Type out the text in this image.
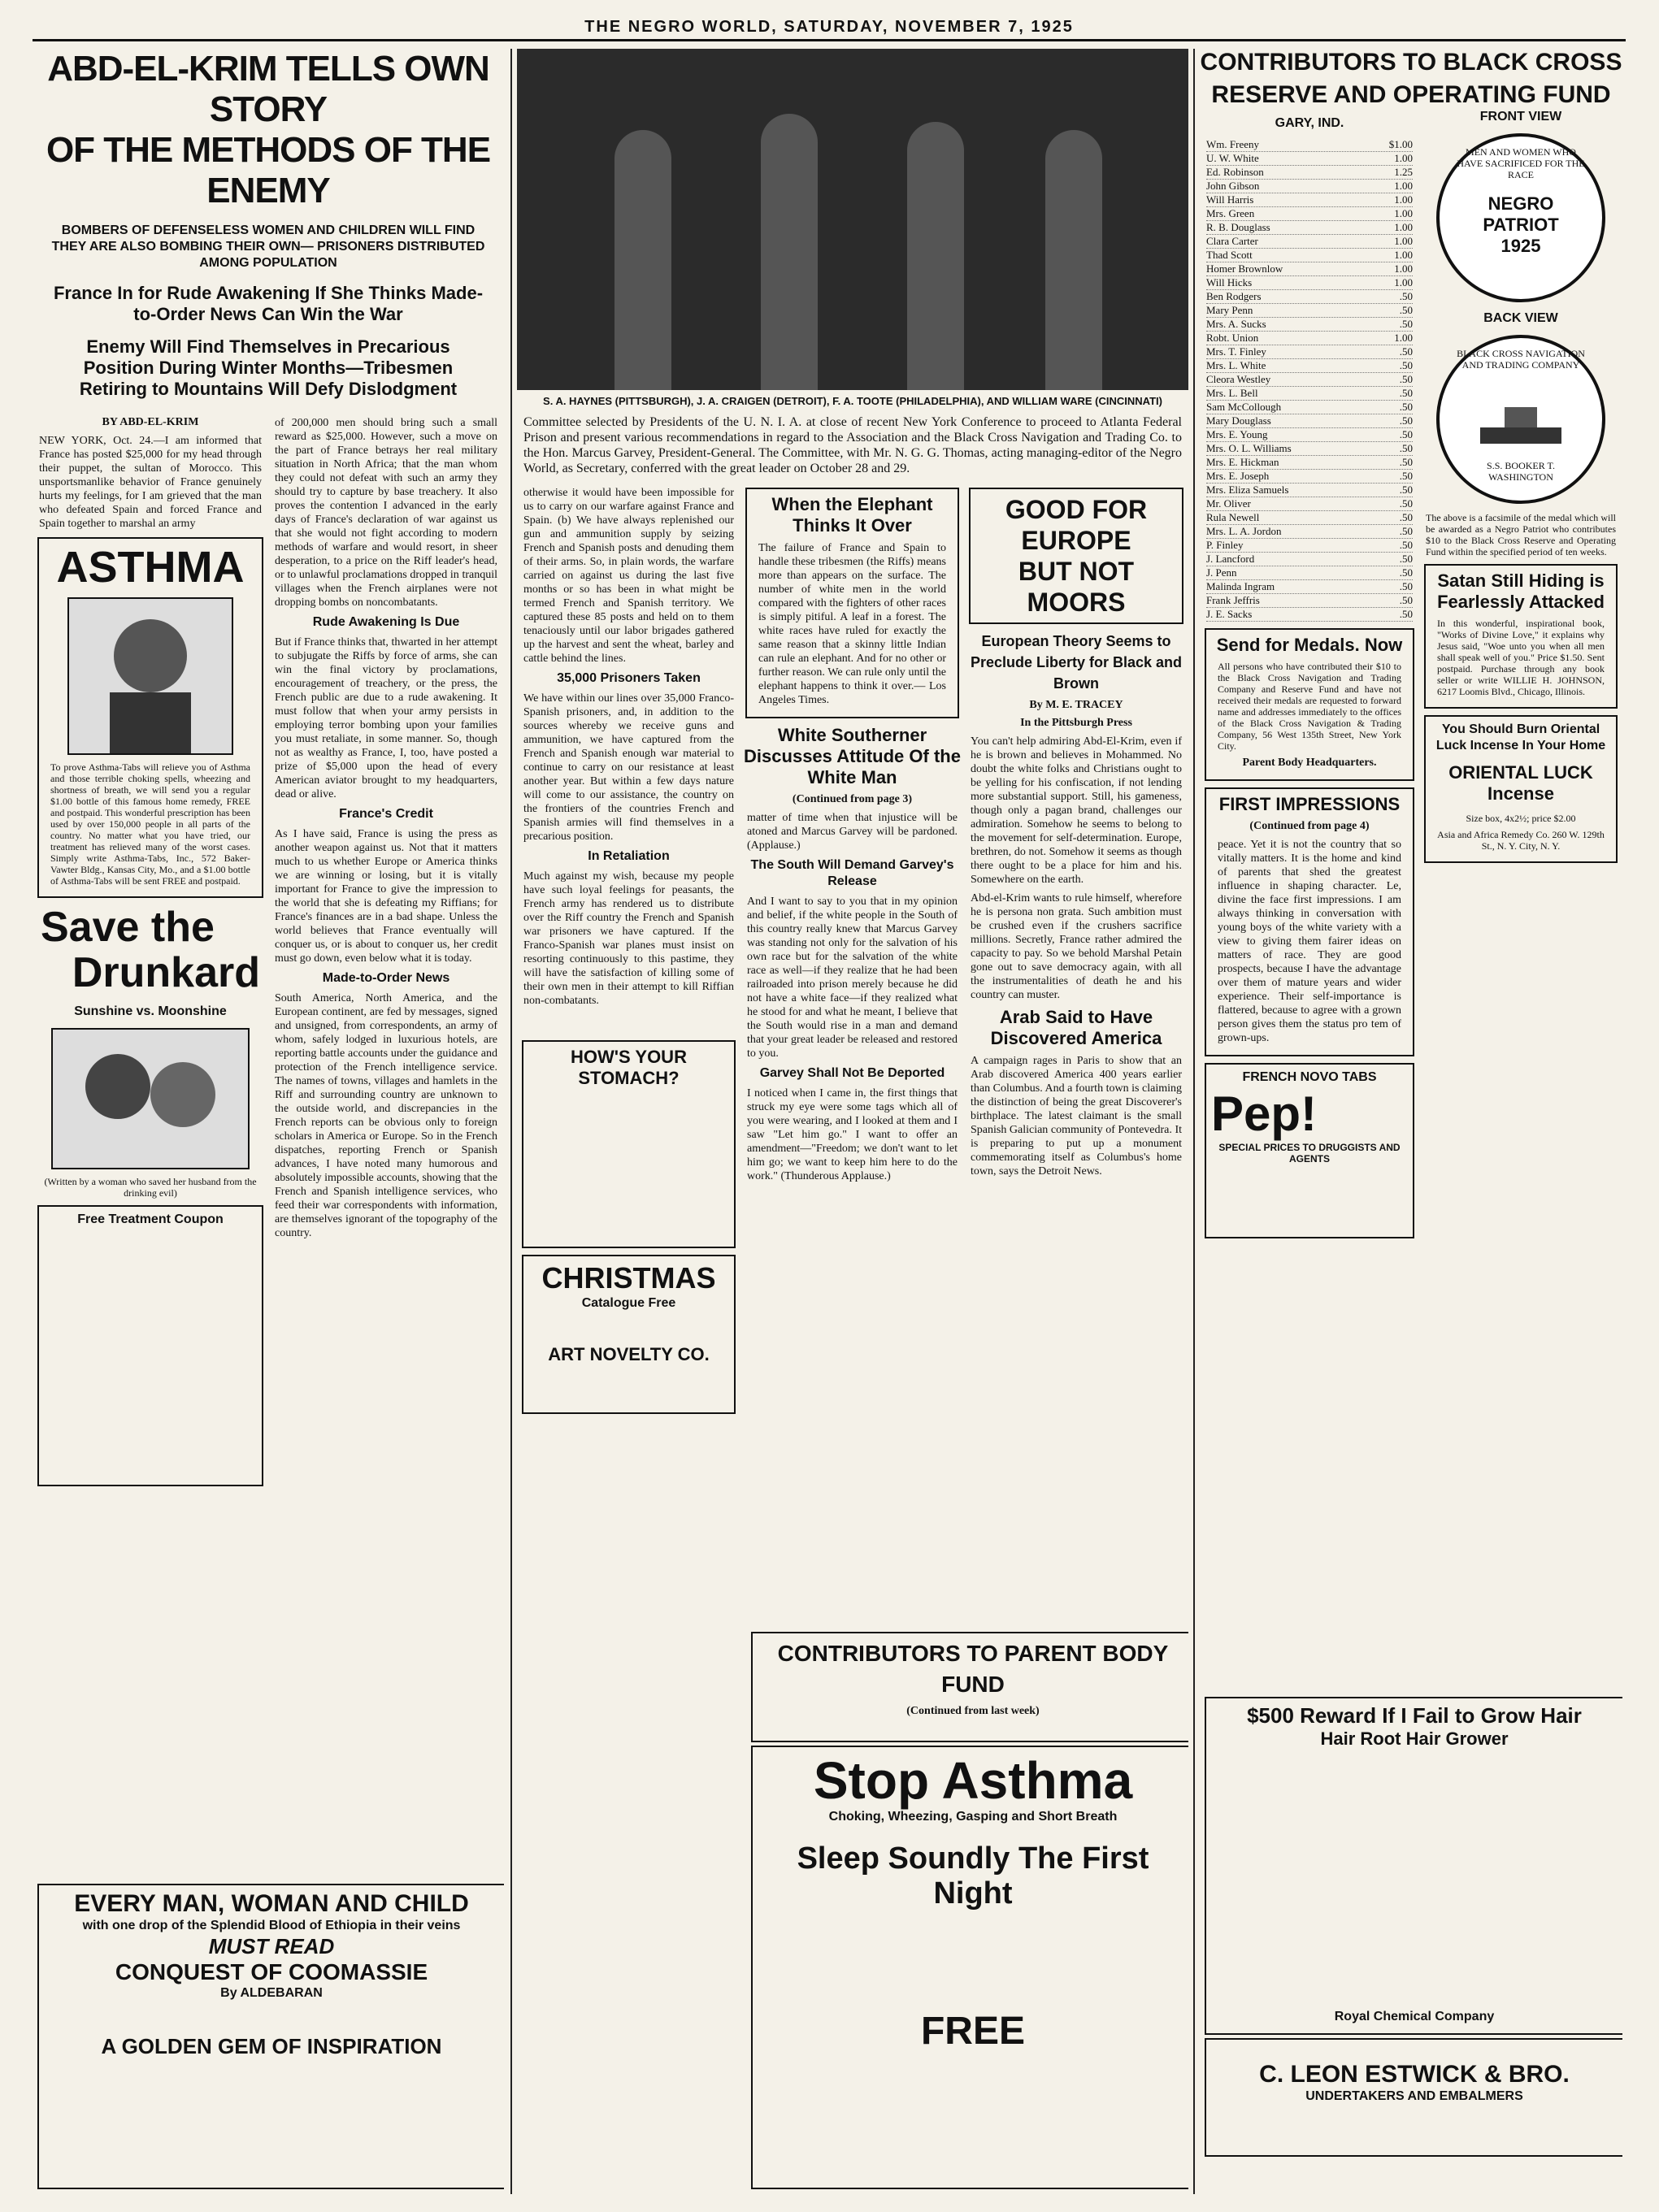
THE NEGRO WORLD, SATURDAY, NOVEMBER 7, 1925
ABD-EL-KRIM TELLS OWN STORY
OF THE METHODS OF THE ENEMY
BOMBERS OF DEFENSELESS WOMEN AND CHILDREN WILL FIND THEY ARE ALSO BOMBING THEIR OWN— PRISONERS DISTRIBUTED AMONG POPULATION
France In for Rude Awakening If She Thinks Made-to-Order News Can Win the War
Enemy Will Find Themselves in Precarious Position During Winter Months—Tribesmen Retiring to Mountains Will Defy Dislodgment
BY ABD-EL-KRIM
NEW YORK, Oct. 24.—I am informed that France has posted $25,000 for my head through their puppet, the sultan of Morocco. This unsportsmanlike behavior of France genuinely hurts my feelings, for I am grieved that the man who defeated Spain and forced France and Spain together to marshal an army
ASTHMA
To prove Asthma-Tabs will relieve you of Asthma and those terrible choking spells, wheezing and shortness of breath, we will send you a regular $1.00 bottle of this famous home remedy, FREE and postpaid. This wonderful prescription has been used by over 150,000 people in all parts of the country. No matter what you have tried, our treatment has relieved many of the worst cases. Simply write Asthma-Tabs, Inc., 572 Baker-Vawter Bldg., Kansas City, Mo., and a $1.00 bottle of Asthma-Tabs will be sent FREE and postpaid.
Save the
Drunkard
Sunshine vs. Moonshine
(Written by a woman who saved her husband from the drinking evil)
Free Treatment Coupon
of 200,000 men should bring such a small reward as $25,000. However, such a move on the part of France betrays her real military situation in North Africa; that the man whom they could not defeat with such an army they should try to capture by base treachery. It also proves the contention I advanced in the early days of France's declaration of war against us that she would not fight according to modern methods of warfare and would resort, in sheer desperation, to a price on the Riff leader's head, or to unlawful proclamations dropped in tranquil villages when the French airplanes were not dropping bombs on noncombatants.
Rude Awakening Is Due
But if France thinks that, thwarted in her attempt to subjugate the Riffs by force of arms, she can win the final victory by proclamations, encouragement of treachery, or the press, the French public are due to a rude awakening. It must follow that when your army persists in employing terror bombing upon your families you must retaliate, in some manner. So, though not as wealthy as France, I, too, have posted a prize of $5,000 upon the head of every American aviator brought to my headquarters, dead or alive.
France's Credit
As I have said, France is using the press as another weapon against us. Not that it matters much to us whether Europe or America thinks we are winning or losing, but it is vitally important for France to give the impression to the world that she is defeating my Riffians; for France's finances are in a bad shape. Unless the world believes that France eventually will conquer us, or is about to conquer us, her credit must go down, even below what it is today.
Made-to-Order News
South America, North America, and the European continent, are fed by messages, signed and unsigned, from correspondents, an army of whom, safely lodged in luxurious hotels, are reporting battle accounts under the guidance and protection of the French intelligence service. The names of towns, villages and hamlets in the Riff and surrounding country are unknown to the outside world, and discrepancies in the French reports can be obvious only to foreign scholars in America or Europe. So in the French dispatches, reporting French or Spanish advances, I have noted many humorous and absolutely impossible accounts, showing that the French and Spanish intelligence services, who feed their war correspondents with information, are themselves ignorant of the topography of the country.
EVERY MAN, WOMAN AND CHILD
with one drop of the Splendid Blood of Ethiopia in their veins
MUST READ
CONQUEST OF COOMASSIE
By ALDEBARAN
A GOLDEN GEM OF INSPIRATION
S. A. HAYNES (PITTSBURGH), J. A. CRAIGEN (DETROIT), F. A. TOOTE (PHILADELPHIA), AND WILLIAM WARE (CINCINNATI)
Committee selected by Presidents of the U. N. I. A. at close of recent New York Conference to proceed to Atlanta Federal Prison and present various recommendations in regard to the Association and the Black Cross Navigation and Trading Co. to the Hon. Marcus Garvey, President-General. The Committee, with Mr. N. G. G. Thomas, acting managing-editor of the Negro World, as Secretary, conferred with the great leader on October 28 and 29.
otherwise it would have been impossible for us to carry on our warfare against France and Spain. (b) We have always replenished our gun and ammunition supply by seizing French and Spanish posts and denuding them of their arms. So, in plain words, the warfare carried on against us during the last five months or so has been in what might be termed French and Spanish territory. We captured these 85 posts and held on to them tenaciously until our labor brigades gathered up the harvest and sent the wheat, barley and cattle behind the lines.
35,000 Prisoners Taken
We have within our lines over 35,000 Franco-Spanish prisoners, and, in addition to the sources whereby we receive guns and ammunition, we have captured from the French and Spanish enough war material to continue to carry on our resistance at least another year. But within a few days nature will come to our assistance, the country on the frontiers of the countries French and Spanish armies will find themselves in a precarious position.
In Retaliation
Much against my wish, because my people have such loyal feelings for peasants, the French army has rendered us to distribute over the Riff country the French and Spanish war prisoners we have captured. If the Franco-Spanish war planes must insist on resorting continuously to this pastime, they will have the satisfaction of killing some of their own men in their attempt to kill Riffian non-combatants.
HOW'S YOUR STOMACH?
CHRISTMAS
Catalogue Free
ART NOVELTY CO.
When the Elephant Thinks It Over
The failure of France and Spain to handle these tribesmen (the Riffs) means more than appears on the surface. The number of white men in the world compared with the fighters of other races is simply pitiful. A leaf in a forest. The white races have ruled for exactly the same reason that a skinny little Indian can rule an elephant. And for no other or further reason. We can rule only until the elephant happens to think it over.— Los Angeles Times.
White Southerner Discusses Attitude Of the White Man
(Continued from page 3)
matter of time when that injustice will be atoned and Marcus Garvey will be pardoned. (Applause.)
The South Will Demand Garvey's Release
And I want to say to you that in my opinion and belief, if the white people in the South of this country really knew that Marcus Garvey was standing not only for the salvation of his own race but for the salvation of the white race as well—if they realize that he had been railroaded into prison merely because he did not have a white face—if they realized what he stood for and what he meant, I believe that the South would rise in a man and demand that your great leader be released and restored to you.
Garvey Shall Not Be Deported
I noticed when I came in, the first things that struck my eye were some tags which all of you were wearing, and I looked at them and I saw "Let him go." I want to offer an amendment—"Freedom; we don't want to let him go; we want to keep him here to do the work." (Thunderous Applause.)
GOOD FOR EUROPE
BUT NOT MOORS
European Theory Seems to Preclude Liberty for Black and Brown
By M. E. TRACEY
In the Pittsburgh Press
You can't help admiring Abd-El-Krim, even if he is brown and believes in Mohammed. No doubt the white folks and Christians ought to be yelling for his confiscation, if not lending more substantial support. Still, his gameness, though only a pagan brand, challenges our admiration. Somehow he seems to belong to the movement for self-determination. Europe, brethren, do not. Somehow it seems as though there ought to be a place for him and his. Somewhere on the earth.
Abd-el-Krim wants to rule himself, wherefore he is persona non grata. Such ambition must be crushed even if the crushers sacrifice millions. Secretly, France rather admired the capacity to pay. So we behold Marshal Petain gone out to save democracy again, with all the instrumentalities of death he and his country can muster.
Arab Said to Have Discovered America
A campaign rages in Paris to show that an Arab discovered America 400 years earlier than Columbus. And a fourth town is claiming the distinction of being the great Discoverer's birthplace. The latest claimant is the small Spanish Galician community of Pontevedra. It is preparing to put up a monument commemorating itself as Columbus's home town, says the Detroit News.
CONTRIBUTORS TO PARENT BODY FUND
(Continued from last week)
Stop Asthma
Choking, Wheezing, Gasping and Short Breath
Sleep Soundly The First Night
FREE
CONTRIBUTORS TO BLACK CROSS
RESERVE AND OPERATING FUND
GARY, IND.
Wm. Freeny	$1.00
U. W. White	1.00
Ed. Robinson	1.25
John Gibson	1.00
Will Harris	1.00
Mrs. Green	1.00
R. B. Douglass	1.00
Clara Carter	1.00
Thad Scott	1.00
Homer Brownlow	1.00
Will Hicks	1.00
Ben Rodgers	.50
Mary Penn	.50
Mrs. A. Sucks	.50
Robt. Union	1.00
Mrs. T. Finley	.50
Mrs. L. White	.50
Cleora Westley	.50
Mrs. L. Bell	.50
Sam McCollough	.50
Mary Douglass	.50
Mrs. E. Young	.50
Mrs. O. L. Williams	.50
Mrs. E. Hickman	.50
Mrs. E. Joseph	.50
Mrs. Eliza Samuels	.50
Mr. Oliver	.50
Rula Newell	.50
Mrs. L. A. Jordon	.50
P. Finley	.50
J. Lancford	.50
J. Penn	.50
Malinda Ingram	.50
Frank Jeffris	.50
J. E. Sacks	.50
Send for Medals. Now
All persons who have contributed their $10 to the Black Cross Navigation and Trading Company and Reserve Fund and have not received their medals are requested to forward name and addresses immediately to the offices of the Black Cross Navigation & Trading Company, 56 West 135th Street, New York City.
Parent Body Headquarters.
FIRST IMPRESSIONS
(Continued from page 4)
peace. Yet it is not the country that so vitally matters. It is the home and kind of parents that shed the greatest influence in shaping character. Le, divine the face first impressions. I am always thinking in conversation with young boys of the white variety with a view to giving them fairer ideas on matters of race. They are good prospects, because I have the advantage over them of mature years and wider experience. Their self-importance is flattered, because to agree with a grown person gives them the status pro tem of grown-ups.
FRENCH NOVO TABS
Pep!
SPECIAL PRICES TO DRUGGISTS AND AGENTS
FRONT VIEW
MEN AND WOMEN WHO HAVE SACRIFICED FOR THE RACE
NEGRO PATRIOT 1925
BACK VIEW
BLACK CROSS NAVIGATION AND TRADING COMPANY
S.S. BOOKER T. WASHINGTON
The above is a facsimile of the medal which will be awarded as a Negro Patriot who contributes $10 to the Black Cross Reserve and Operating Fund within the specified period of ten weeks.
Satan Still Hiding is Fearlessly Attacked
In this wonderful, inspirational book, "Works of Divine Love," it explains why Jesus said, "Woe unto you when all men shall speak well of you." Price $1.50. Sent postpaid. Purchase through any book seller or write WILLIE H. JOHNSON, 6217 Loomis Blvd., Chicago, Illinois.
You Should Burn Oriental Luck Incense In Your Home
ORIENTAL LUCK Incense
Size box, 4x2½; price $2.00
Asia and Africa Remedy Co. 260 W. 129th St., N. Y. City, N. Y.
$500 Reward If I Fail to Grow Hair
Hair Root Hair Grower
Royal Chemical Company
C. LEON ESTWICK & BRO.
UNDERTAKERS AND EMBALMERS
